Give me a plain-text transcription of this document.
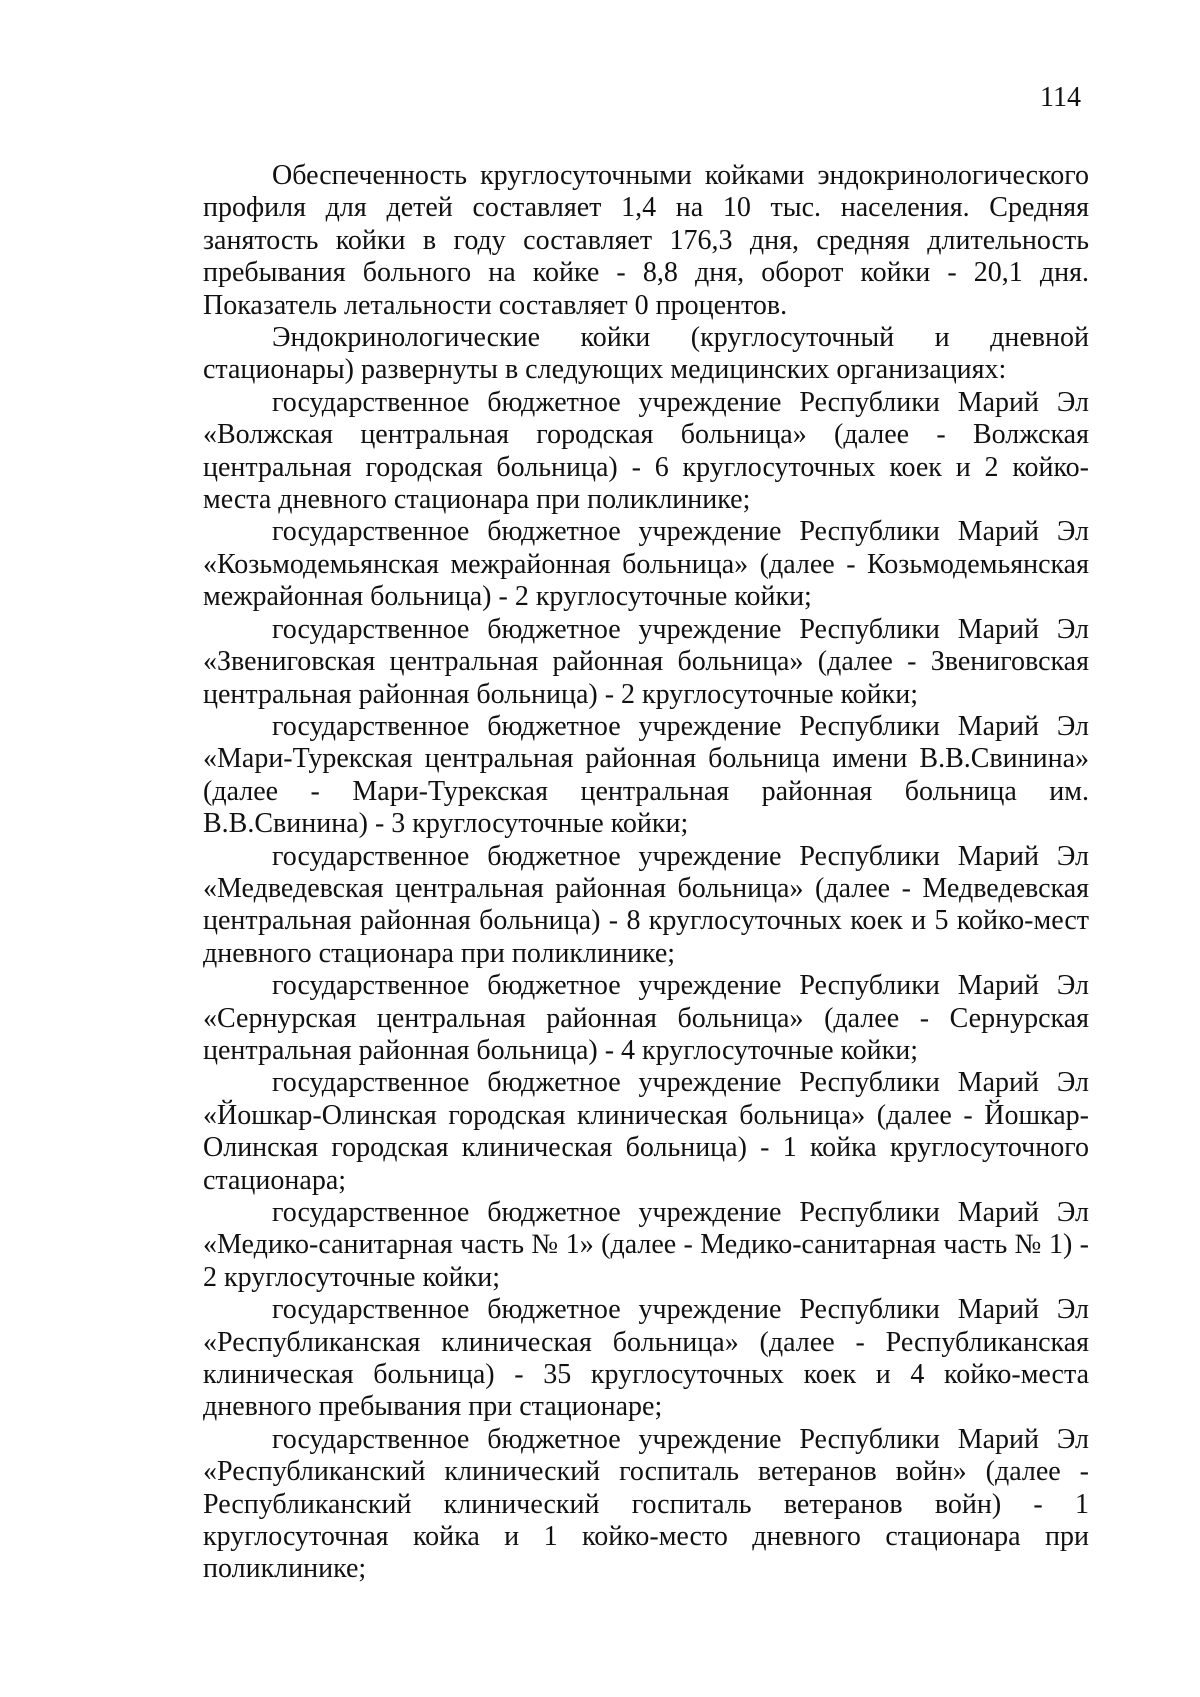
114

Обеспеченность круглосуточными койками эндокринологического профиля для детей составляет 1,4 на 10 тыс. населения. Средняя занятость койки в году составляет 176,3 дня, средняя длительность пребывания больного на койке - 8,8 дня, оборот койки - 20,1 дня. Показатель летальности составляет 0 процентов.

Эндокринологические койки (круглосуточный и дневной стационары) развернуты в следующих медицинских организациях:

государственное бюджетное учреждение Республики Марий Эл «Волжская центральная городская больница» (далее - Волжская центральная городская больница) - 6 круглосуточных коек и 2 койко-места дневного стационара при поликлинике;

государственное бюджетное учреждение Республики Марий Эл «Козьмодемьянская межрайонная больница» (далее - Козьмодемьянская межрайонная больница) - 2 круглосуточные койки;

государственное бюджетное учреждение Республики Марий Эл «Звениговская центральная районная больница» (далее - Звениговская центральная районная больница) - 2 круглосуточные койки;

государственное бюджетное учреждение Республики Марий Эл «Мари-Турекская центральная районная больница имени В.В.Свинина» (далее - Мари-Турекская центральная районная больница им. В.В.Свинина) - 3 круглосуточные койки;

государственное бюджетное учреждение Республики Марий Эл «Медведевская центральная районная больница» (далее - Медведевская центральная районная больница) - 8 круглосуточных коек и 5 койко-мест дневного стационара при поликлинике;

государственное бюджетное учреждение Республики Марий Эл «Сернурская центральная районная больница» (далее - Сернурская центральная районная больница) - 4 круглосуточные койки;

государственное бюджетное учреждение Республики Марий Эл «Йошкар-Олинская городская клиническая больница» (далее - Йошкар-Олинская городская клиническая больница) - 1 койка круглосуточного стационара;

государственное бюджетное учреждение Республики Марий Эл «Медико-санитарная часть № 1» (далее - Медико-санитарная часть № 1) - 2 круглосуточные койки;

государственное бюджетное учреждение Республики Марий Эл «Республиканская клиническая больница» (далее - Республиканская клиническая больница) - 35 круглосуточных коек и 4 койко-места дневного пребывания при стационаре;

государственное бюджетное учреждение Республики Марий Эл «Республиканский клинический госпиталь ветеранов войн» (далее - Республиканский клинический госпиталь ветеранов войн) - 1 круглосуточная койка и 1 койко-место дневного стационара при поликлинике;
